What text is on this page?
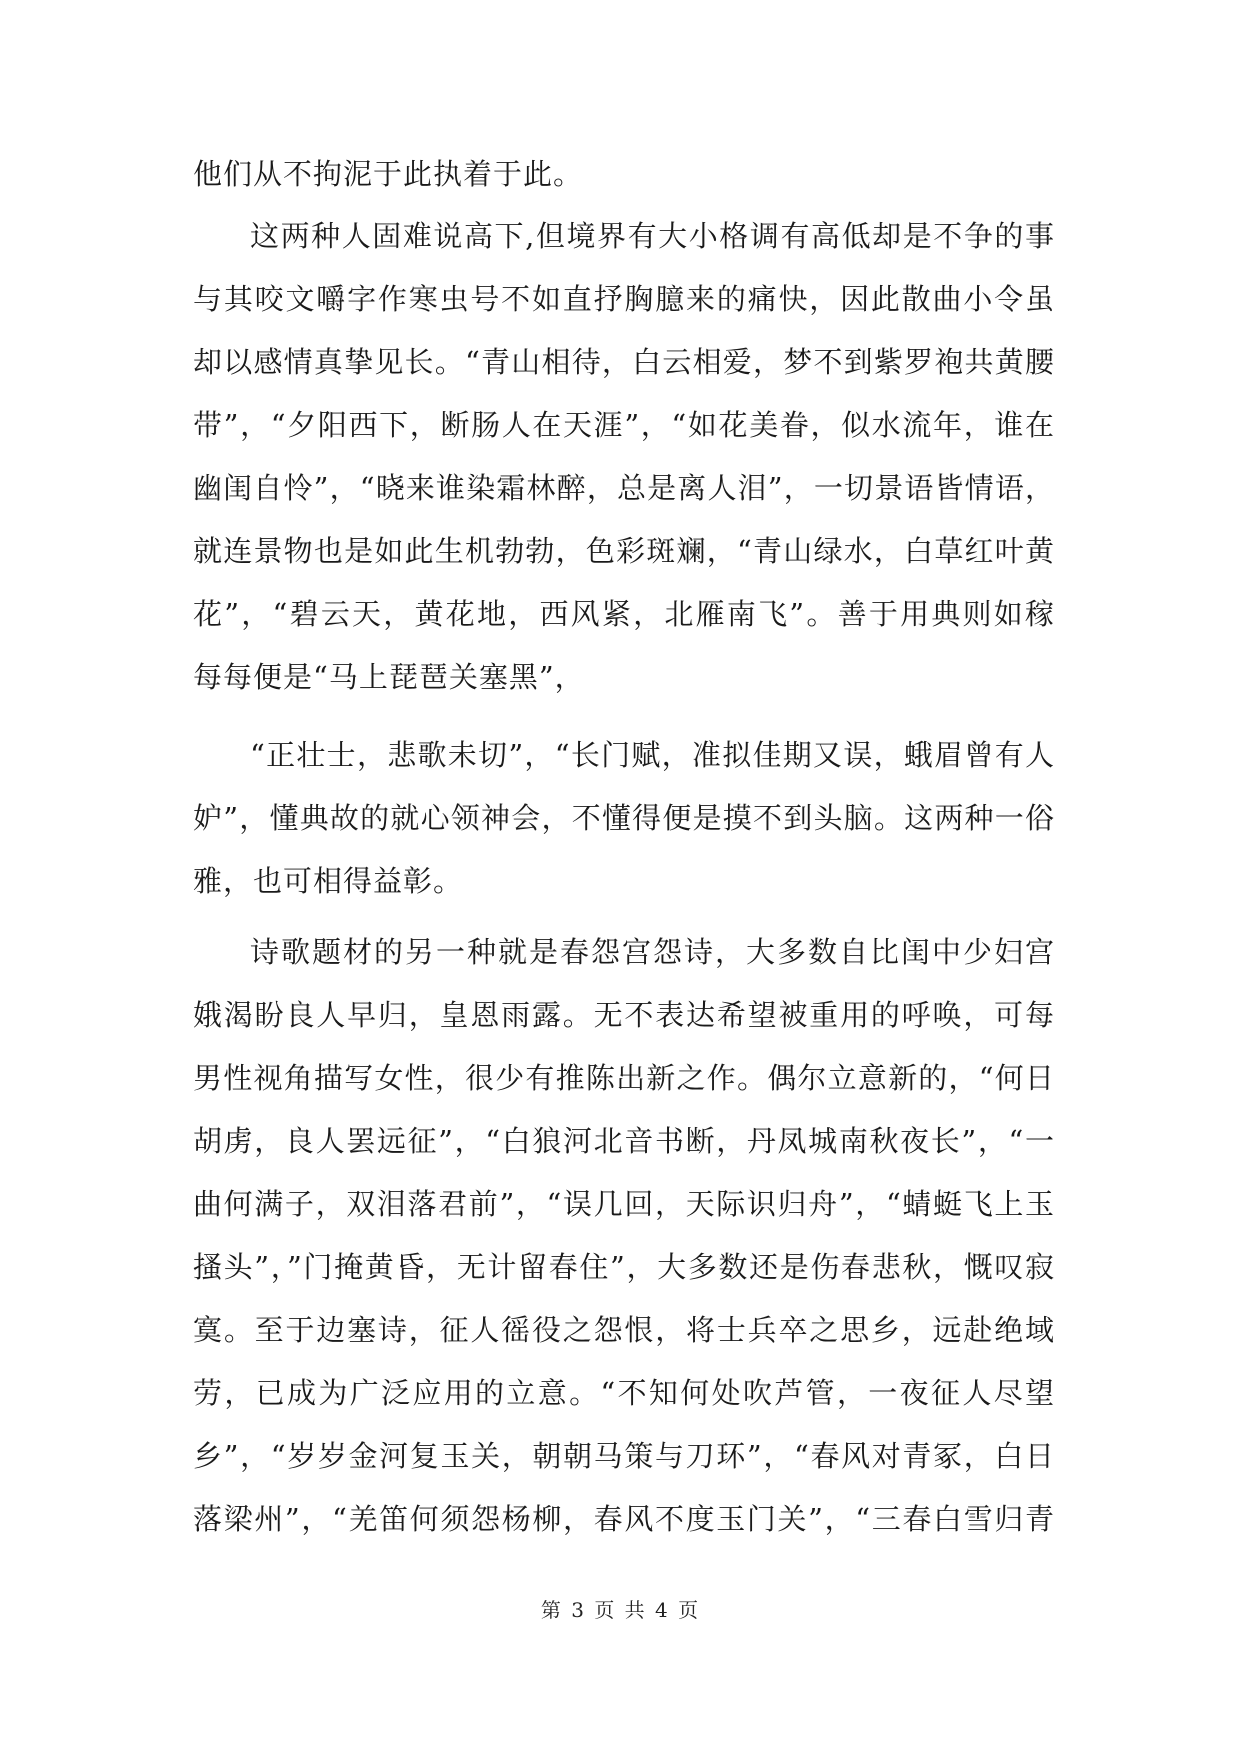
他们从不拘泥于此执着于此。
这两种人固难说高下,但境界有大小格调有高低却是不争的事
与其咬文嚼字作寒虫号不如直抒胸臆来的痛快，因此散曲小令虽
却以感情真挚见长。“青山相待，白云相爱，梦不到紫罗袍共黄腰
带”，“夕阳西下，断肠人在天涯”，“如花美眷，似水流年，谁在
幽闺自怜”，“晓来谁染霜林醉，总是离人泪”，一切景语皆情语，
就连景物也是如此生机勃勃，色彩斑斓，“青山绿水，白草红叶黄
花”，“碧云天，黄花地，西风紧，北雁南飞”。善于用典则如稼
每每便是“马上琵琶关塞黑”，
“正壮士，悲歌未切”，“长门赋，准拟佳期又误，蛾眉曾有人
妒”，懂典故的就心领神会，不懂得便是摸不到头脑。这两种一俗
雅，也可相得益彰。
诗歌题材的另一种就是春怨宫怨诗，大多数自比闺中少妇宫
娥渴盼良人早归，皇恩雨露。无不表达希望被重用的呼唤，可每
男性视角描写女性，很少有推陈出新之作。偶尔立意新的，“何日
胡虏，良人罢远征”，“白狼河北音书断，丹凤城南秋夜长”，“一
曲何满子，双泪落君前”，“误几回，天际识归舟”，“蜻蜓飞上玉
搔头”，”门掩黄昏，无计留春住”，大多数还是伤春悲秋，慨叹寂
寞。至于边塞诗，征人徭役之怨恨，将士兵卒之思乡，远赴绝域
劳，已成为广泛应用的立意。“不知何处吹芦管，一夜征人尽望
乡”，“岁岁金河复玉关，朝朝马策与刀环”，“春风对青冢，白日
落梁州”，“羌笛何须怨杨柳，春风不度玉门关”，“三春白雪归青
第 3 页 共 4 页
